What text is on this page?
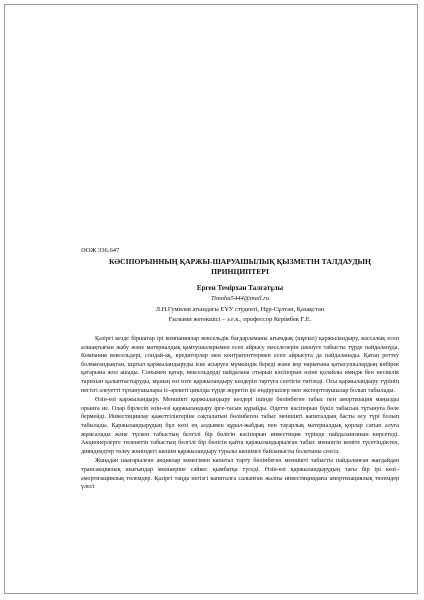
ӘОЖ 336.647
КӘСІПОРЫННЫҢ ҚАРЖЫ-ШАРУАШЫЛЫҚ ҚЫЗМЕТІН ТАЛДАУДЫҢ ПРИНЦИПТЕРІ
Ерген Темірхан Талғатұлы
Timoha5444@mail.ru
Л.Н.Гумилев атындағы ЕҰУ студенті, Нұр-Сұлтан, Қазақстан
Ғылыми жетекшісі – э.ғ.к., профессор Керімбек Ғ.Е.

Қазіргі кезде біршатар ірі компаниялар вексельдік бағдарламаны ағымдық (шұғыл) қаржыландыру, кассалық есеп алшақтығын жабу және материалдық қамтушыларымен есеп айрысу мәселелерін шешуге табысты түрде пайдалануда. Компания вексельдері, сондай-ақ, кредиторлар мен контрагенттермен есеп айрысуға да пайдаланады. Қатаң реттеу болмағандықтан, шұғыл қаржыландыруды іске асыруға мүмкіндік береді және кор нарығына қатысушылардың көбірек қатарына жол ашады. Сонымен қатар, вексельдерді пайдалана отырып кәсіпорын өзіне қолайлы имидж бен несиелік тарихын қалыптастыруды, мұның өзі өзге қаржыландыру көздерін тартуға септігін тигізеді. Осы қаржыландыру түрінің негізгі әлеуетті тұтынушылары іс-әрекеті циклды түрде жүретін ірі өндірушілер мен экспорттаушылар болып табылады.

Өзін-өзі қаржыландыру. Меншікті қаржыландыру көздері ішінде бөлінбеген табыс пен амортизация маңызды орынға ие. Олар бірлесіп өзін-өзі қаржыландыру ірге-тасын құрайды. Әдетте кәсіпорын бүкіл табысын тұтынуға бөле бермейді. Инвестициялау қажеттіліктеріне сақталатын бөлінбеген табыс меншікті капиталдың басты өсу түрі болып табылады. Қаржыландырудың бұл көзі ең алдымен құрал-жабдық пен тауарлық материалдық қорлар сатып алуға жұмсалады және түскен табыстың белгілі бір бөлігін кәсіпорын инвестиция түрінде пайдаланғанын көрсетеді. Акционерлерге төленетін табыстың белгілі бір бөлігін қайта қаржыландырылған табыс меншігін кеміте түсетіндіктен, дивидендтер төлеу жөніндегі шешім қаржыландыру туралы шешімге байланысты болатыны сөзсіз.

Жаңадан шығарылған акциялар көмегімен капитал тарту бөлінбеген меншікті табысты пайдаланған жағдайдан трансакциялық шығындар мөлшеріне сәйкес қымбатқа түседі. Өзін-өзі қаржыландырудың тағы бір ірі көзі– амортизациялық төлемдер. Қазіргі таңда негізгі капиталға салынған жалпы инвестициядағы амортизациялық төлемдер үлесі
